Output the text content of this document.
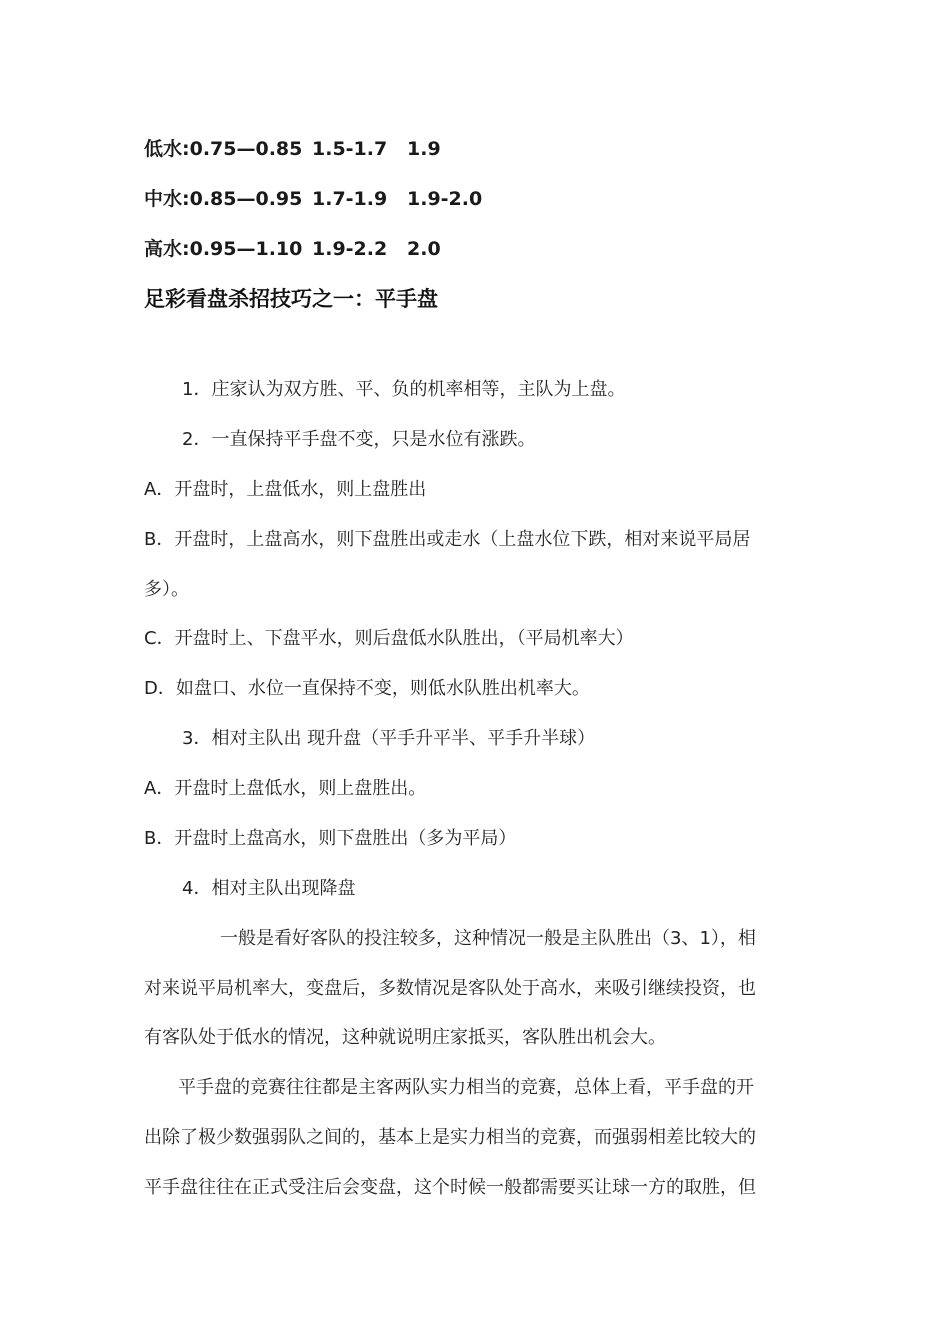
低水:0.75—0.85 1.5-1.7 1.9
中水:0.85—0.95 1.7-1.9 1.9-2.0
高水:0.95—1.10 1.9-2.2 2.0
足彩看盘杀招技巧之一：平手盘
1．庄家认为双方胜、平、负的机率相等，主队为上盘。
2．一直保持平手盘不变，只是水位有涨跌。
A．开盘时，上盘低水，则上盘胜出
B．开盘时，上盘高水，则下盘胜出或走水（上盘水位下跌，相对来说平局居
多）。
C．开盘时上、下盘平水，则后盘低水队胜出，（平局机率大）
D．如盘口、水位一直保持不变，则低水队胜出机率大。
3．相对主队出 现升盘（平手升平半、平手升半球）
A．开盘时上盘低水，则上盘胜出。
B．开盘时上盘高水，则下盘胜出（多为平局）
4．相对主队出现降盘
一般是看好客队的投注较多，这种情况一般是主队胜出（3、1），相
对来说平局机率大，变盘后，多数情况是客队处于高水，来吸引继续投资，也
有客队处于低水的情况，这种就说明庄家抵买，客队胜出机会大。
平手盘的竞赛往往都是主客两队实力相当的竞赛，总体上看，平手盘的开
出除了极少数强弱队之间的，基本上是实力相当的竞赛，而强弱相差比较大的
平手盘往往在正式受注后会变盘，这个时候一般都需要买让球一方的取胜，但
